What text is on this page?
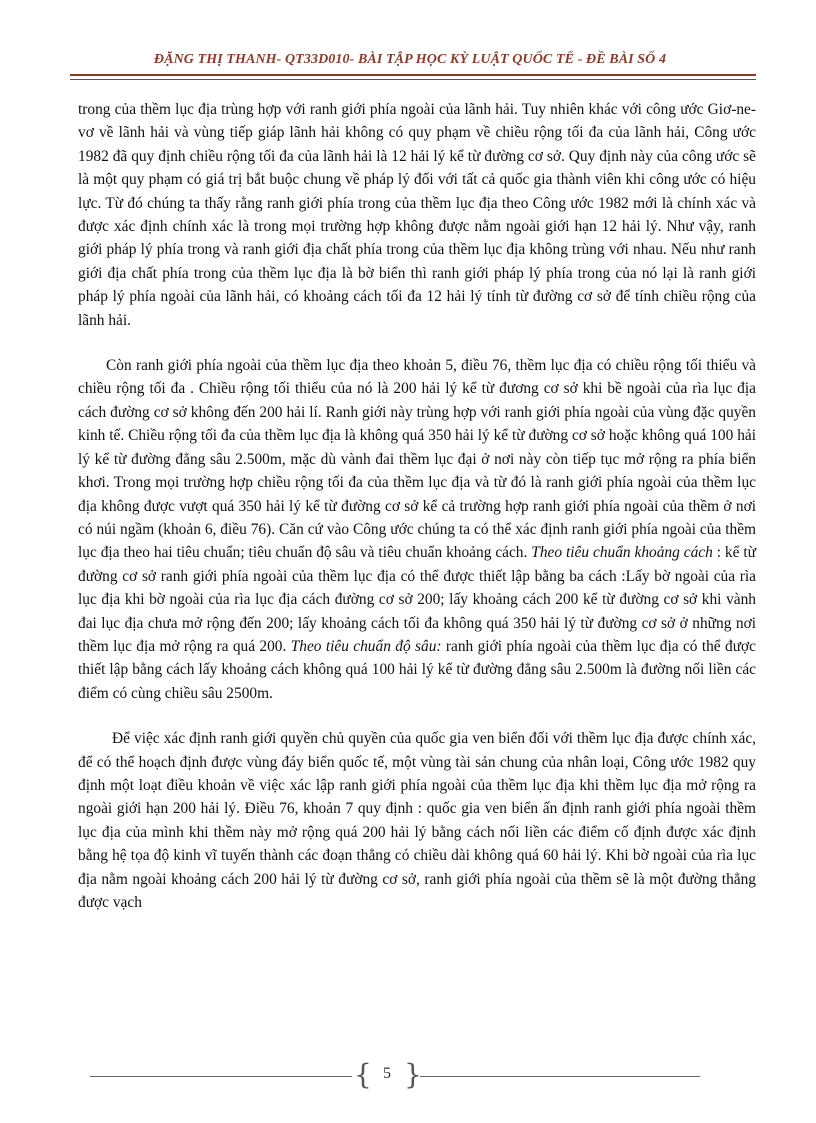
ĐẶNG THỊ THANH- QT33D010- BÀI TẬP HỌC KỲ LUẬT QUỐC TẾ - ĐỀ BÀI SỐ 4

trong của thềm lục địa trùng hợp với ranh giới phía ngoài của lãnh hải. Tuy nhiên khác với công ước Giơ-ne-vơ về lãnh hải và vùng tiếp giáp lãnh hải không có quy phạm về chiều rộng tối đa của lãnh hải, Công ước 1982 đã quy định chiều rộng tối đa của lãnh hải là 12 hải lý kể từ đường cơ sở. Quy định này của công ước sẽ là một quy phạm có giá trị bắt buộc chung về pháp lý đối với tất cả quốc gia thành viên khi công ước có hiệu lực. Từ đó chúng ta thấy rằng ranh giới phía trong của thềm lục địa theo Công ước 1982 mới là chính xác và được xác định chính xác là trong mọi trường hợp không được nằm ngoài giới hạn 12 hải lý. Như vậy, ranh giới pháp lý phía trong và ranh giới địa chất phía trong của thềm lục địa không trùng với nhau. Nếu như ranh giới địa chất phía trong của thềm lục địa là bờ biển thì ranh giới pháp lý phía trong của nó lại là ranh giới pháp lý phía ngoài của lãnh hải, có khoảng cách tối đa 12 hải lý tính từ đường cơ sở để tính chiều rộng của lãnh hải.

Còn ranh giới phía ngoài của thềm lục địa theo khoản 5, điều 76, thềm lục địa có chiều rộng tối thiểu và chiều rộng tối đa . Chiều rộng tối thiểu của nó là 200 hải lý kể từ đương cơ sở khi bề ngoài của rìa lục địa cách đường cơ sở không đến 200 hải lí. Ranh giới này trùng hợp với ranh giới phía ngoài của vùng đặc quyền kinh tế. Chiều rộng tối đa của thềm lục địa là không quá 350 hải lý kể từ đường cơ sở hoặc không quá 100 hải lý kể từ đường đẳng sâu 2.500m, mặc dù vành đai thềm lục đại ở nơi này còn tiếp tục mở rộng ra phía biển khơi. Trong mọi trường hợp chiều rộng tối đa của thềm lục địa và từ đó là ranh giới phía ngoài của thềm lục địa không được vượt quá 350 hải lý kể từ đường cơ sở kể cả trường hợp ranh giới phía ngoài của thềm ở nơi có núi ngầm (khoản 6, điều 76). Căn cứ vào Công ước chúng ta có thể xác định ranh giới phía ngoài của thềm lục địa theo hai tiêu chuẩn; tiêu chuẩn độ sâu và tiêu chuẩn khoảng cách. Theo tiêu chuẩn khoảng cách : kể từ đường cơ sở ranh giới phía ngoài của thềm lục địa có thể được thiết lập bằng ba cách :Lấy bờ ngoài của rìa lục địa khi bờ ngoài của rìa lục địa cách đường cơ sở 200; lấy khoảng cách 200 kể từ đường cơ sở khi vành đai lục địa chưa mở rộng đến 200; lấy khoảng cách tối đa không quá 350 hải lý từ đường cơ sở ở những nơi thềm lục địa mở rộng ra quá 200. Theo tiêu chuẩn độ sâu: ranh giới phía ngoài của thềm lục địa có thể được thiết lập bằng cách lấy khoảng cách không quá 100 hải lý kể từ đường đẳng sâu 2.500m là đường nối liền các điểm có cùng chiều sâu 2500m.

Để việc xác định ranh giới quyền chủ quyền của quốc gia ven biển đối với thềm lục địa được chính xác, để có thể hoạch định được vùng đáy biển quốc tế, một vùng tài sản chung của nhân loại, Công ước 1982 quy định một loạt điều khoản về việc xác lập ranh giới phía ngoài của thềm lục địa khi thềm lục địa mở rộng ra ngoài giới hạn 200 hải lý. Điều 76, khoản 7 quy định : quốc gia ven biển ấn định ranh giới phía ngoài thềm lục địa của mình khi thềm này mở rộng quá 200 hải lý bằng cách nối liền các điểm cố định được xác định bằng hệ tọa độ kinh vĩ tuyến thành các đoạn thẳng có chiều dài không quá 60 hải lý. Khi bờ ngoài của rìa lục địa nằm ngoài khoảng cách 200 hải lý từ đường cơ sở, ranh giới phía ngoài của thềm sẽ là một đường thẳng được vạch

{ 5 }
